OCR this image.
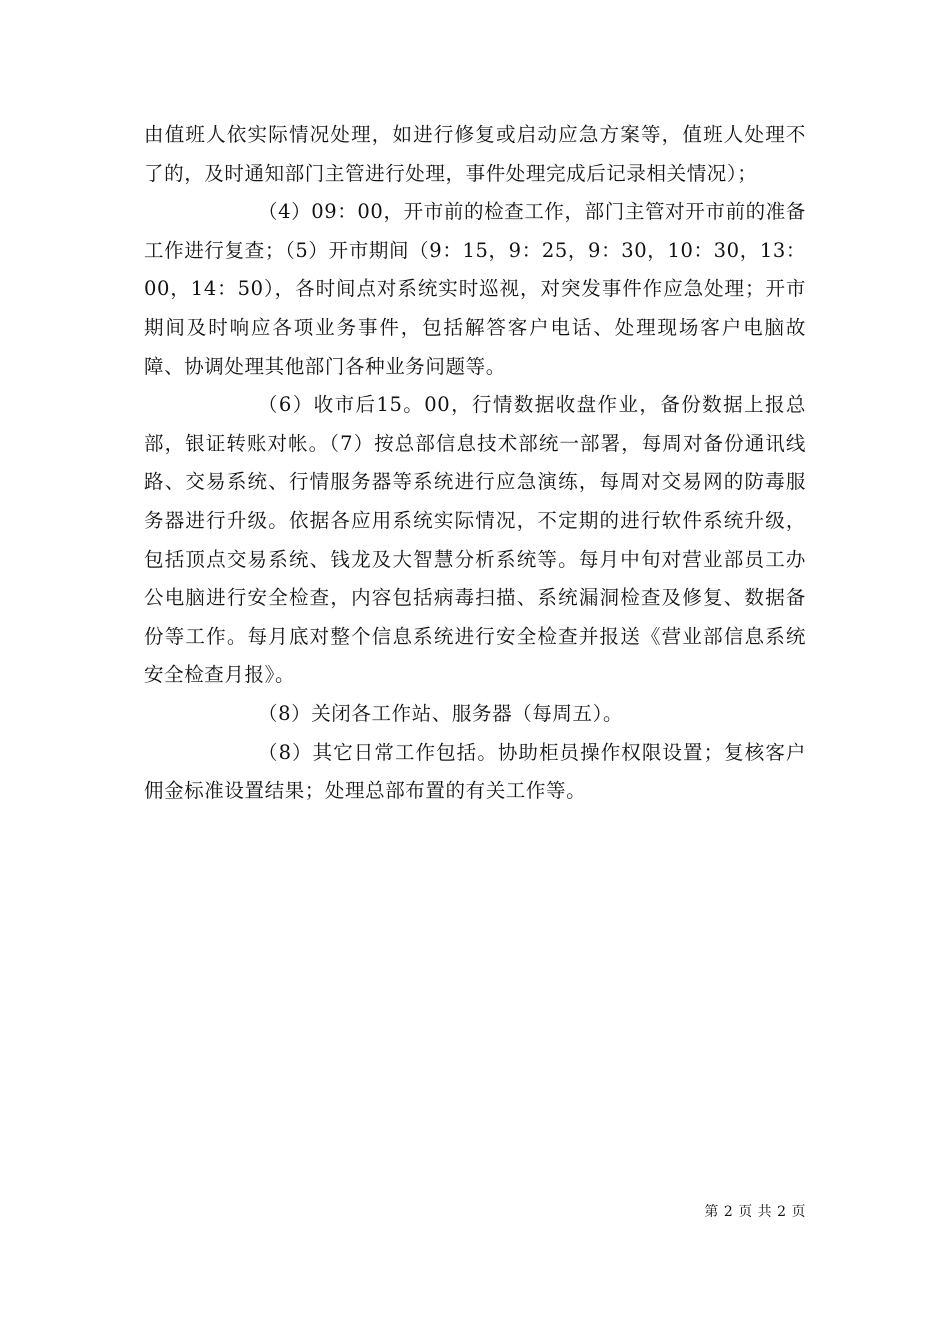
由值班人依实际情况处理，如进行修复或启动应急方案等，值班人处理不了的，及时通知部门主管进行处理，事件处理完成后记录相关情况）；

（4）09：00，开市前的检查工作，部门主管对开市前的准备工作进行复查；（5）开市期间（9：15，9：25，9：30，10：30，13：00，14：50），各时间点对系统实时巡视，对突发事件作应急处理；开市期间及时响应各项业务事件，包括解答客户电话、处理现场客户电脑故障、协调处理其他部门各种业务问题等。

（6）收市后15。00，行情数据收盘作业，备份数据上报总部，银证转账对帐。（7）按总部信息技术部统一部署，每周对备份通讯线路、交易系统、行情服务器等系统进行应急演练，每周对交易网的防毒服务器进行升级。依据各应用系统实际情况，不定期的进行软件系统升级，包括顶点交易系统、钱龙及大智慧分析系统等。每月中旬对营业部员工办公电脑进行安全检查，内容包括病毒扫描、系统漏洞检查及修复、数据备份等工作。每月底对整个信息系统进行安全检查并报送《营业部信息系统安全检查月报》。

（8）关闭各工作站、服务器（每周五）。

（8）其它日常工作包括。协助柜员操作权限设置；复核客户佣金标准设置结果；处理总部布置的有关工作等。

第 2 页 共 2 页
